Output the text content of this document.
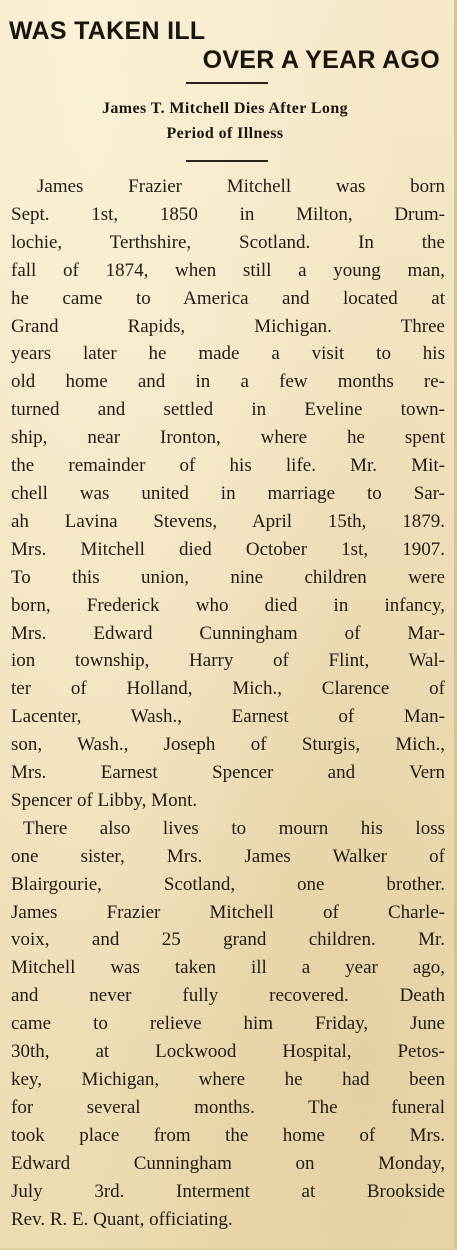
WAS TAKEN ILL
OVER A YEAR AGO
James T. Mitchell Dies After Long
Period of Illness
James Frazier Mitchell was born
Sept. 1st, 1850 in Milton, Drum-
lochie, Terthshire, Scotland. In the
fall of 1874, when still a young man,
he came to America and located at
Grand Rapids, Michigan. Three
years later he made a visit to his
old home and in a few months re-
turned and settled in Eveline town-
ship, near Ironton, where he spent
the remainder of his life. Mr. Mit-
chell was united in marriage to Sar-
ah Lavina Stevens, April 15th, 1879.
Mrs. Mitchell died October 1st, 1907.
To this union, nine children were
born, Frederick who died in infancy,
Mrs. Edward Cunningham of Mar-
ion township, Harry of Flint, Wal-
ter of Holland, Mich., Clarence of
Lacenter, Wash., Earnest of Man-
son, Wash., Joseph of Sturgis, Mich.,
Mrs. Earnest Spencer and Vern
Spencer of Libby, Mont.
There also lives to mourn his loss
one sister, Mrs. James Walker of
Blairgourie, Scotland, one brother.
James Frazier Mitchell of Charle-
voix, and 25 grand children. Mr.
Mitchell was taken ill a year ago,
and never fully recovered. Death
came to relieve him Friday, June
30th, at Lockwood Hospital, Petos-
key, Michigan, where he had been
for several months. The funeral
took place from the home of Mrs.
Edward Cunningham on Monday,
July 3rd. Interment at Brookside
Rev. R. E. Quant, officiating.
